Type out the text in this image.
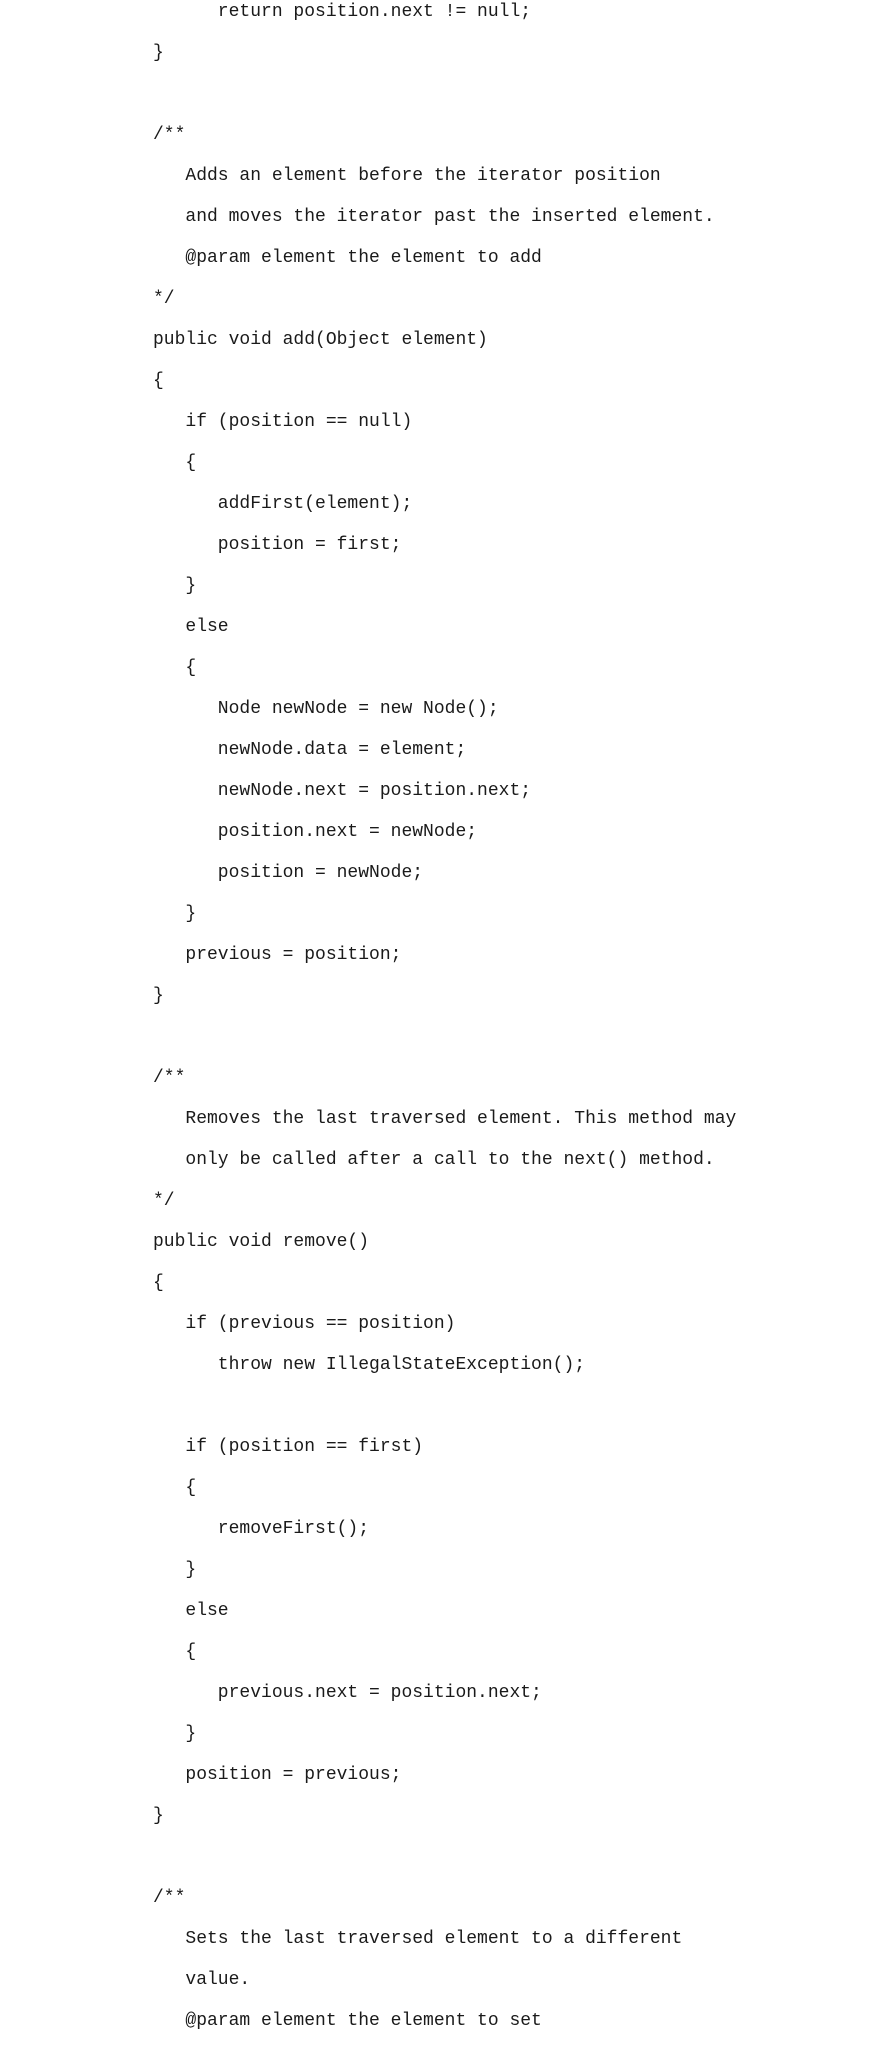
return position.next != null;

}

/**

Adds an element before the iterator position

and moves the iterator past the inserted element.

@param element the element to add

*/

public void add(Object element)

{

if (position == null)

{

addFirst(element);

position = first;

}

else

{

Node newNode = new Node();

newNode.data = element;

newNode.next = position.next;

position.next = newNode;

position = newNode;

}

previous = position;

}

/**

Removes the last traversed element. This method may

only be called after a call to the next() method.

*/

public void remove()

{

if (previous == position)

throw new IllegalStateException();

if (position == first)

{

removeFirst();

}

else

{

previous.next = position.next;

}

position = previous;

}

/**

Sets the last traversed element to a different

value.

@param element the element to set
